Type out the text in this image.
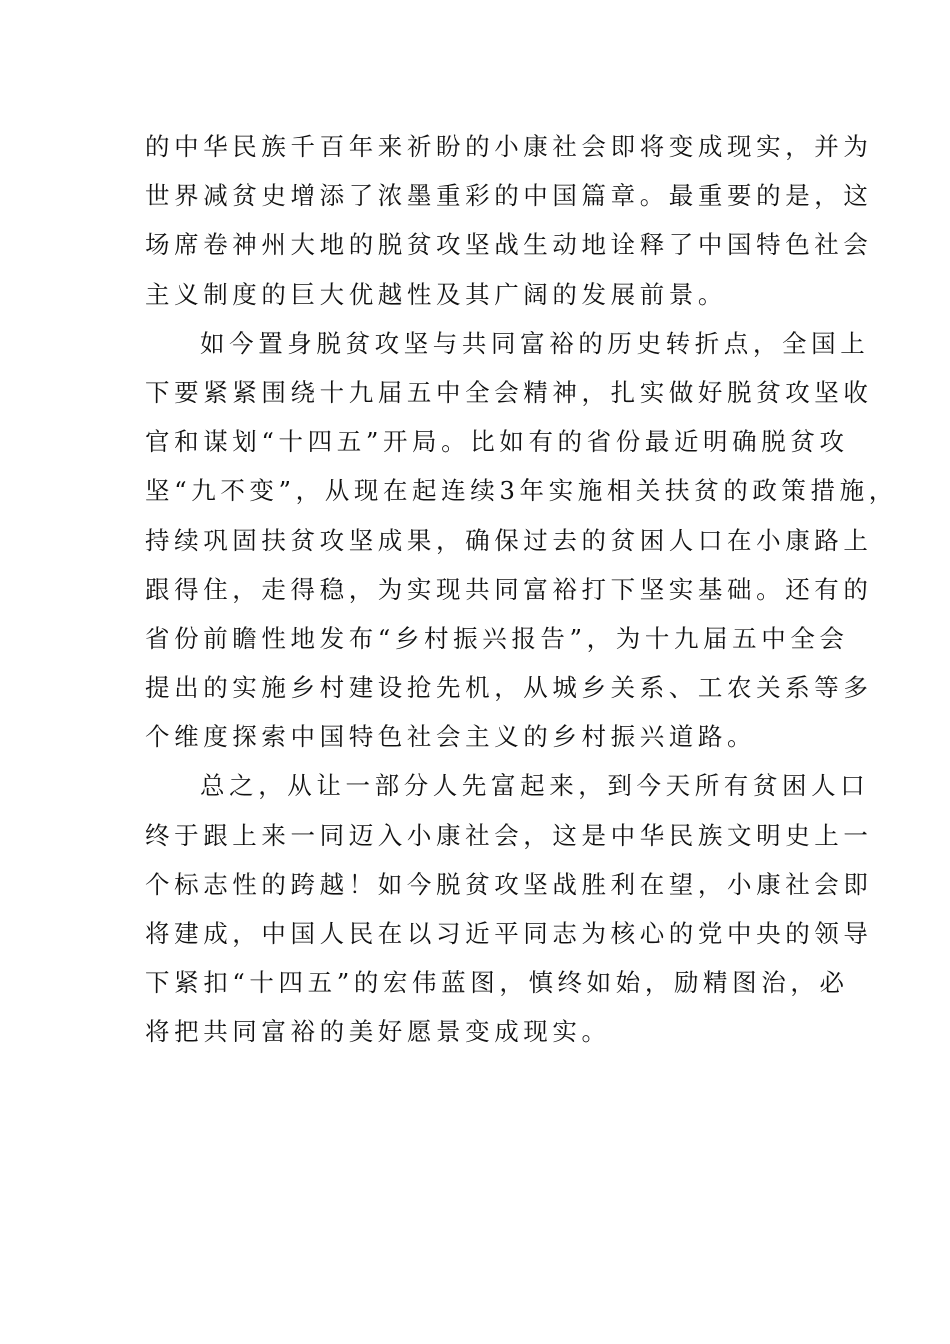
的中华民族千百年来祈盼的小康社会即将变成现实，并为
世界减贫史增添了浓墨重彩的中国篇章。最重要的是，这
场席卷神州大地的脱贫攻坚战生动地诠释了中国特色社会
主义制度的巨大优越性及其广阔的发展前景。
如今置身脱贫攻坚与共同富裕的历史转折点，全国上
下要紧紧围绕十九届五中全会精神，扎实做好脱贫攻坚收
官和谋划“十四五”开局。比如有的省份最近明确脱贫攻
坚“九不变”，从现在起连续3年实施相关扶贫的政策措施，
持续巩固扶贫攻坚成果，确保过去的贫困人口在小康路上
跟得住，走得稳，为实现共同富裕打下坚实基础。还有的
省份前瞻性地发布“乡村振兴报告”，为十九届五中全会
提出的实施乡村建设抢先机，从城乡关系、工农关系等多
个维度探索中国特色社会主义的乡村振兴道路。
总之，从让一部分人先富起来，到今天所有贫困人口
终于跟上来一同迈入小康社会，这是中华民族文明史上一
个标志性的跨越！如今脱贫攻坚战胜利在望，小康社会即
将建成，中国人民在以习近平同志为核心的党中央的领导
下紧扣“十四五”的宏伟蓝图，慎终如始，励精图治，必
将把共同富裕的美好愿景变成现实。
